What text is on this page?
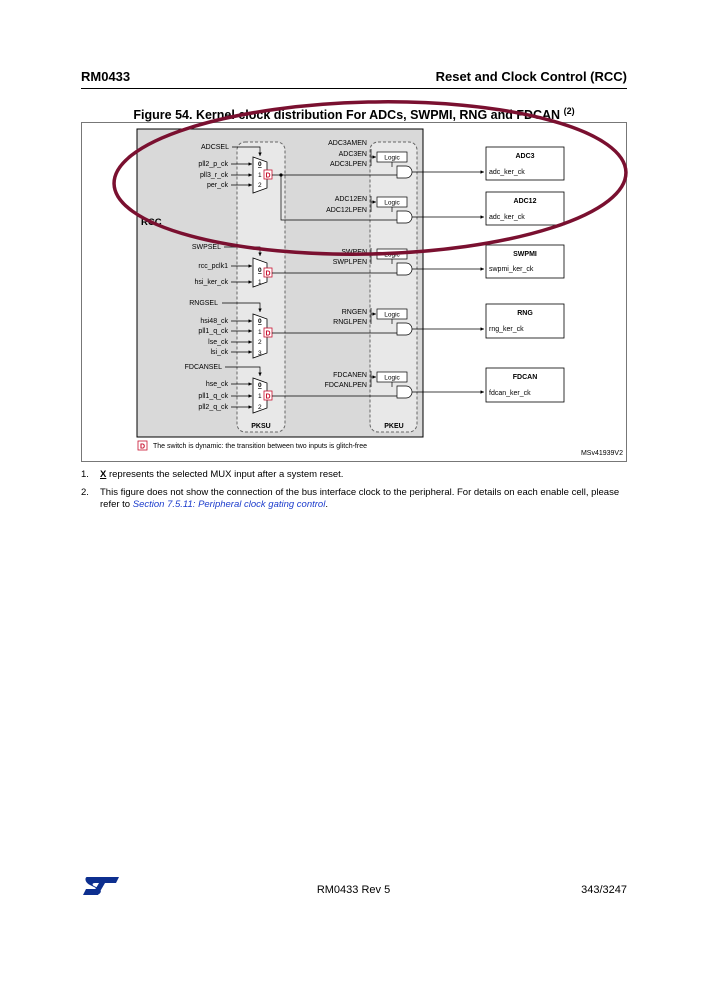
RM0433	Reset and Clock Control (RCC)
Figure 54. Kernel clock distribution For ADCs, SWPMI, RNG and FDCAN $^{(2)}$
RCC
PKSU	PKEU
ADCSEL
pll2_p_ck
pll3_r_ck
per_ck
0
1
2
D
ADC3AMEN
ADC3EN
ADC3LPEN
Logic	ADC3
adc_ker_ck
ADC12EN
ADC12LPEN
Logic	ADC12
adc_ker_ck
SWPSEL
rcc_pclk1
hsi_ker_ck
0
1
D
SWPEN
SWPLPEN
Logic	SWPMI
swpmi_ker_ck
RNGSEL
hsi48_ck
pll1_q_ck
lse_ck
lsi_ck
0
1
2
3
D
RNGEN
RNGLPEN
Logic	RNG
rng_ker_ck
FDCANSEL
hse_ck
pll1_q_ck
pll2_q_ck
0
1
2
D
FDCANEN
FDCANLPEN
Logic	FDCAN
fdcan_ker_ck
D The switch is dynamic: the transition between two inputs is glitch-free
MSv41939V2
1. X represents the selected MUX input after a system reset.
2. This figure does not show the connection of the bus interface clock to the peripheral. For details on each enable cell, please refer to Section 7.5.11: Peripheral clock gating control.
RM0433 Rev 5	343/3247
